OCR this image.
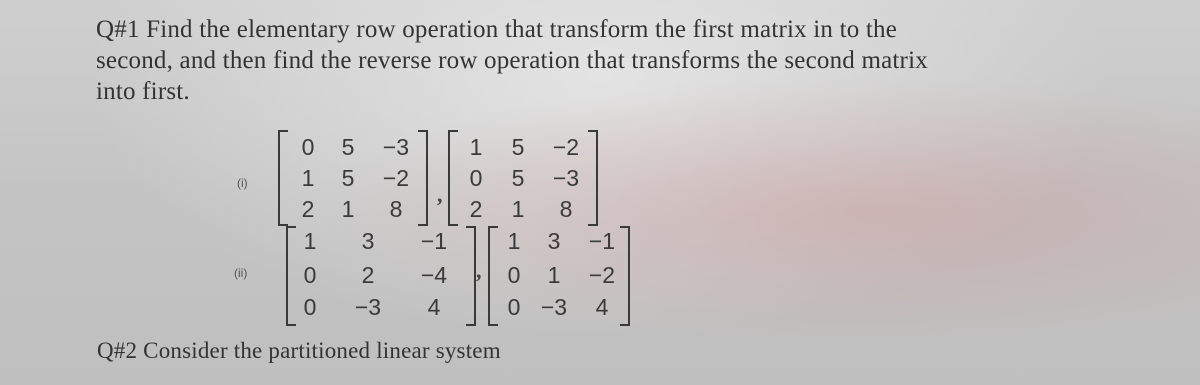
Q#1 Find the elementary row operation that transform the first matrix in to the
second, and then find the reverse row operation that transforms the second matrix
into first.
(i)
0	5	−3
1	5	−2
2	1	8
,
1	5	−2
0	5	−3
2	1	8
(ii)
1	3	−1
0	2	−4
0	−3	4
,
1	3	−1
0	1	−2
0 −3	4
Q#2 Consider the partitioned linear system
